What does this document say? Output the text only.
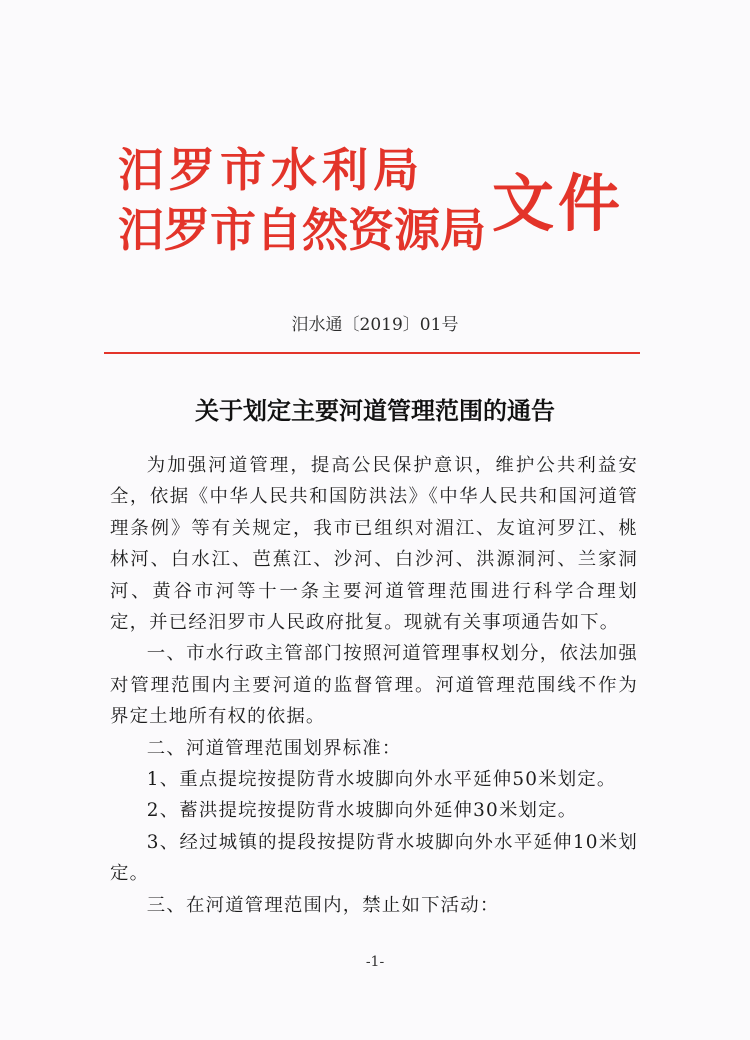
汨罗市水利局
汨罗市自然资源局 文件
汨水通〔2019〕01号
关于划定主要河道管理范围的通告

为加强河道管理，提高公民保护意识，维护公共利益安全，依据《中华人民共和国防洪法》《中华人民共和国河道管理条例》等有关规定，我市已组织对湄江、友谊河罗江、桃林河、白水江、芭蕉江、沙河、白沙河、洪源洞河、兰家洞河、黄谷市河等十一条主要河道管理范围进行科学合理划定，并已经汨罗市人民政府批复。现就有关事项通告如下。

一、市水行政主管部门按照河道管理事权划分，依法加强对管理范围内主要河道的监督管理。河道管理范围线不作为界定土地所有权的依据。

二、河道管理范围划界标准：

1、重点提垸按提防背水坡脚向外水平延伸50米划定。

2、蓄洪提垸按提防背水坡脚向外延伸30米划定。

3、经过城镇的提段按提防背水坡脚向外水平延伸10米划定。

三、在河道管理范围内，禁止如下活动：

-1-
